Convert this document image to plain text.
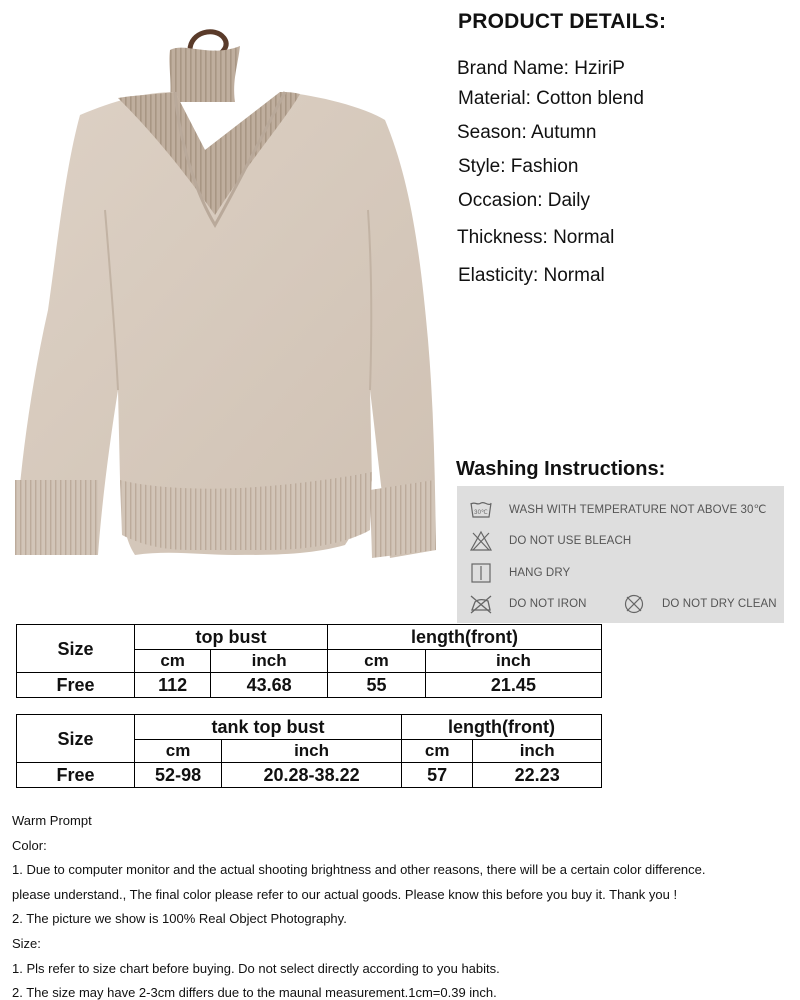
PRODUCT DETAILS:
Brand Name: HziriP
Material: Cotton blend
Season: Autumn
Style: Fashion
Occasion: Daily
Thickness: Normal
Elasticity: Normal
Washing Instructions:
30℃ WASH WITH TEMPERATURE NOT ABOVE 30℃
DO NOT USE BLEACH
HANG DRY
DO NOT IRON	DO NOT DRY CLEAN
Size	top bust		length(front)	
	cm	inch	cm	inch
Free	112	43.68	55	21.45
Size	tank top bust		length(front)	
	cm	inch	cm	inch
Free	52-98	20.28-38.22	57	22.23

Warm Prompt

Color:

1. Due to computer monitor and the actual shooting brightness and other reasons, there will be a certain color difference.

please understand., The final color please refer to our actual goods. Please know this before you buy it. Thank you !

2. The picture we show is 100% Real Object Photography.

Size:

1. Pls refer to size chart before buying. Do not select directly according to you habits.

2. The size may have 2-3cm differs due to the maunal measurement.1cm=0.39 inch.
